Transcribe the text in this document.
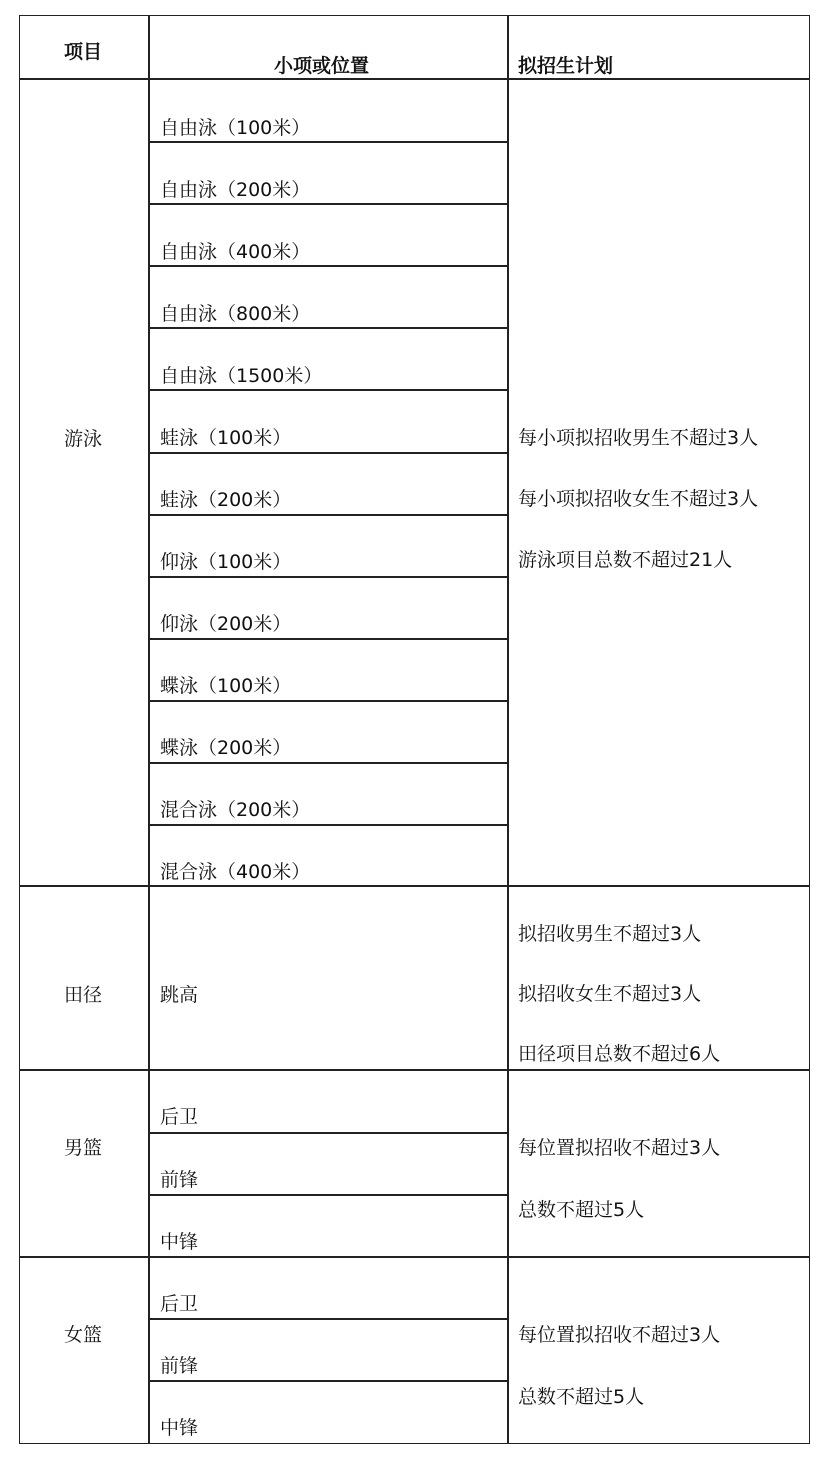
项目
小项或位置	拟招生计划
游泳
自由泳（100米）
自由泳（200米）
自由泳（400米）
自由泳（800米）
自由泳（1500米）
蛙泳（100米）
蛙泳（200米）
仰泳（100米）
仰泳（200米）
蝶泳（100米）
蝶泳（200米）
混合泳（200米）
混合泳（400米）
每小项拟招收男生不超过3人
每小项拟招收女生不超过3人
游泳项目总数不超过21人
田径	跳高
拟招收男生不超过3人
拟招收女生不超过3人
田径项目总数不超过6人
男篮
后卫
前锋
中锋
每位置拟招收不超过3人
总数不超过5人
女篮
后卫
前锋
中锋
每位置拟招收不超过3人
总数不超过5人
